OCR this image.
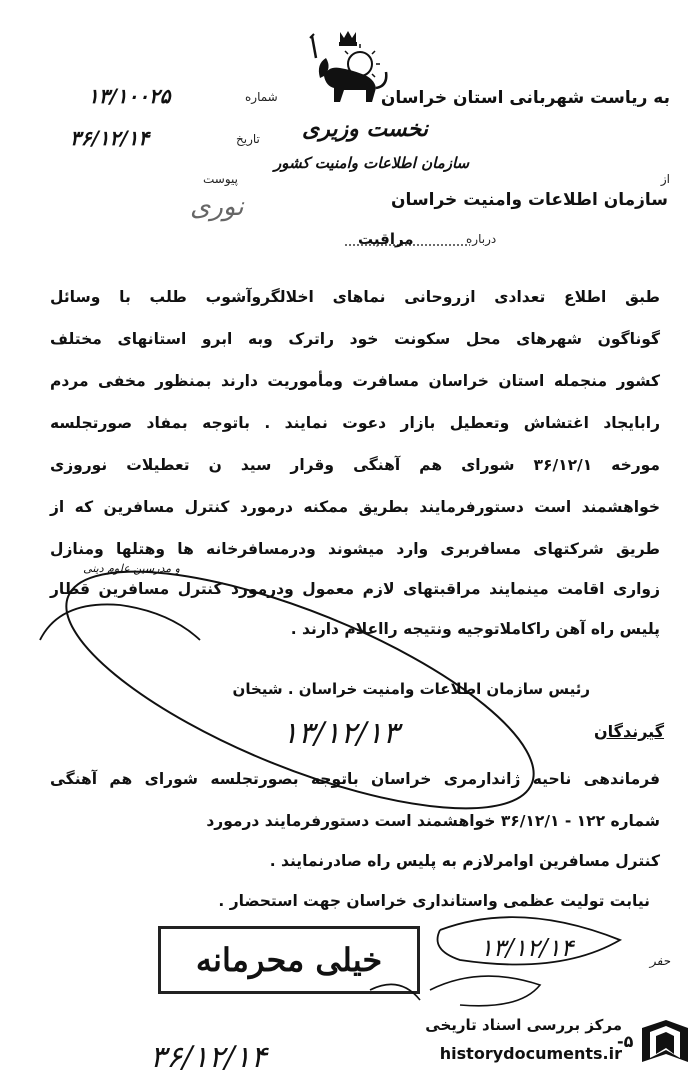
به ریاست شهربانی استان خراسان
شماره
۱۳/۱۰۰۲۵
نخست وزیری
تاریخ
۳۶/۱۲/۱۴
سازمان اطلاعات وامنیت کشور
پیوست	از
سازمان اطلاعات وامنیت خراسان
نوری
درباره
مراقبت
طبق اطلاع تعدادی ازروحانی نماهای اخلالگروآشوب طلب با وسائل
گوناگون شهرهای محل سکونت خود راترک وبه ابرو استانهای مختلف
کشور منجمله استان خراسان مسافرت ومأموریت دارند بمنظور مخفی مردم
رابایجاد اغتشاش وتعطیل بازار دعوت نمایند . باتوجه بمفاد صورتجلسه
مورخه ۳۶/۱۲/۱ شورای هم آهنگی وقرار سید ن تعطیلات نوروزی
خواهشمند است دستورفرمایند بطریق ممکنه درمورد کنترل مسافرین که از
طریق شرکتهای مسافربری وارد میشوند ودرمسافرخانه ها وهتلها ومنازل
و مدرسین علوم دینی
زواری اقامت مینمایند مراقبتهای لازم معمول ودرمورد کنترل مسافرین قطار
پلیس راه آهن راکاملاتوجیه ونتیجه رااعلام دارند .
رئیس سازمان اطلاعات وامنیت خراسان . شیخان
۱۳/۱۲/۱۳	گیرندگان
فرماندهی ناحیه ژاندارمری خراسان باتوجه بصورتجلسه شورای هم آهنگی
شماره ۱۲۲ - ۳۶/۱۲/۱ خواهشمند است دستورفرمایند درمورد
کنترل مسافرین اوامرلازم به پلیس راه صادرنمایند .
نیابت تولیت عظمی واستانداری خراسان جهت استحضار .
خیلی محرمانه	۱۳/۱۲/۱۴	حفر
۳۶/۱۲/۱۴
مرکز بررسی اسناد تاریخی
historydocuments.ir
-۵
